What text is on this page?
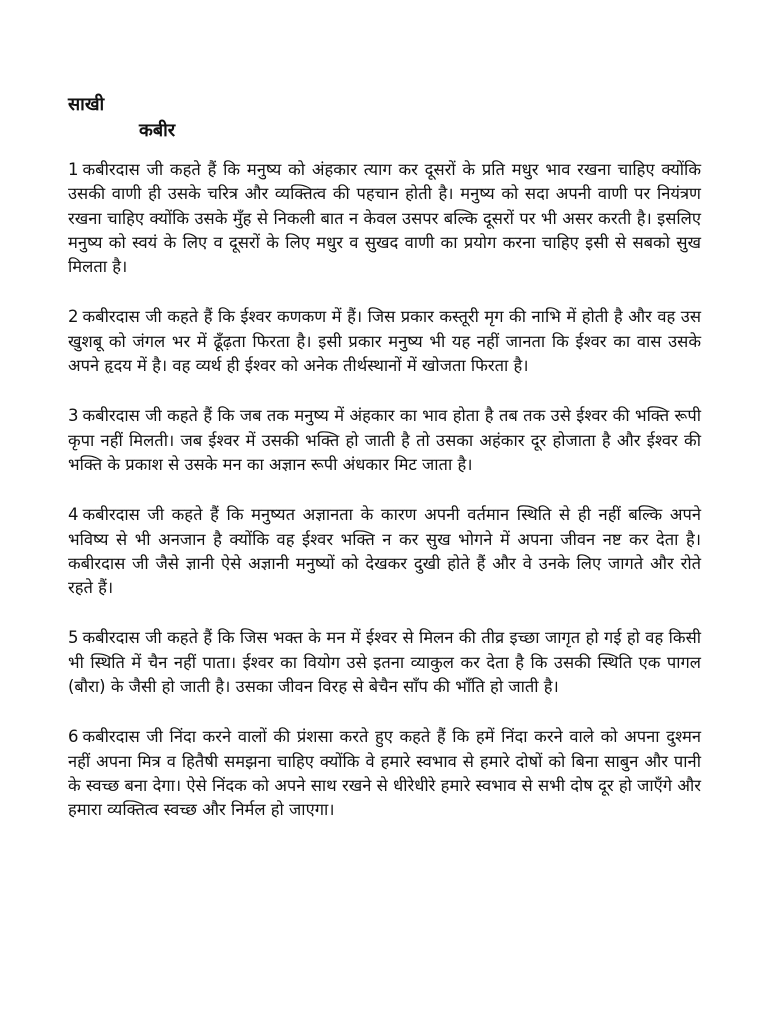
साखी
कबीर

1 कबीरदास जी कहते हैं कि मनुष्य को अंहकार त्याग कर दूसरों के प्रति मधुर भाव रखना चाहिए क्योंकि उसकी वाणी ही उसके चरित्र और व्यक्तित्व की पहचान होती है। मनुष्य को सदा अपनी वाणी पर नियंत्रण रखना चाहिए क्योंकि उसके मुँह से निकली बात न केवल उसपर बल्कि दूसरों पर भी असर करती है। इसलिए मनुष्य को स्वयं के लिए व दूसरों के लिए मधुर व सुखद वाणी का प्रयोग करना चाहिए इसी से सबको सुख मिलता है।

2 कबीरदास जी कहते हैं कि ईश्वर कणकण में हैं। जिस प्रकार कस्तूरी मृग की नाभि में होती है और वह उस खुशबू को जंगल भर में ढूँढ़ता फिरता है। इसी प्रकार मनुष्य भी यह नहीं जानता कि ईश्वर का वास उसके अपने हृदय में है। वह व्यर्थ ही ईश्वर को अनेक तीर्थस्थानों में खोजता फिरता है।

3 कबीरदास जी कहते हैं कि जब तक मनुष्य में अंहकार का भाव होता है तब तक उसे ईश्वर की भक्ति रूपी कृपा नहीं मिलती। जब ईश्वर में उसकी भक्ति हो जाती है तो उसका अहंकार दूर होजाता है और ईश्वर की भक्ति के प्रकाश से उसके मन का अज्ञान रूपी अंधकार मिट जाता है।

4 कबीरदास जी कहते हैं कि मनुष्यत अज्ञानता के कारण अपनी वर्तमान स्थिति से ही नहीं बल्कि अपने भविष्य से भी अनजान है क्योंकि वह ईश्वर भक्ति न कर सुख भोगने में अपना जीवन नष्ट कर देता है। कबीरदास जी जैसे ज्ञानी ऐसे अज्ञानी मनुष्यों को देखकर दुखी होते हैं और वे उनके लिए जागते और रोते रहते हैं।

5 कबीरदास जी कहते हैं कि जिस भक्त के मन में ईश्वर से मिलन की तीव्र इच्छा जागृत हो गई हो वह किसी भी स्थिति में चैन नहीं पाता। ईश्वर का वियोग उसे इतना व्याकुल कर देता है कि उसकी स्थिति एक पागल (बौरा) के जैसी हो जाती है। उसका जीवन विरह से बेचैन साँप की भाँति हो जाती है।

6 कबीरदास जी निंदा करने वालों की प्रंशसा करते हुए कहते हैं कि हमें निंदा करने वाले को अपना दुश्मन नहीं अपना मित्र व हितैषी समझना चाहिए क्योंकि वे हमारे स्वभाव से हमारे दोषों को बिना साबुन और पानी के स्वच्छ बना देगा। ऐसे निंदक को अपने साथ रखने से धीरेधीरे हमारे स्वभाव से सभी दोष दूर हो जाएँगे और हमारा व्यक्तित्व स्वच्छ और निर्मल हो जाएगा।
